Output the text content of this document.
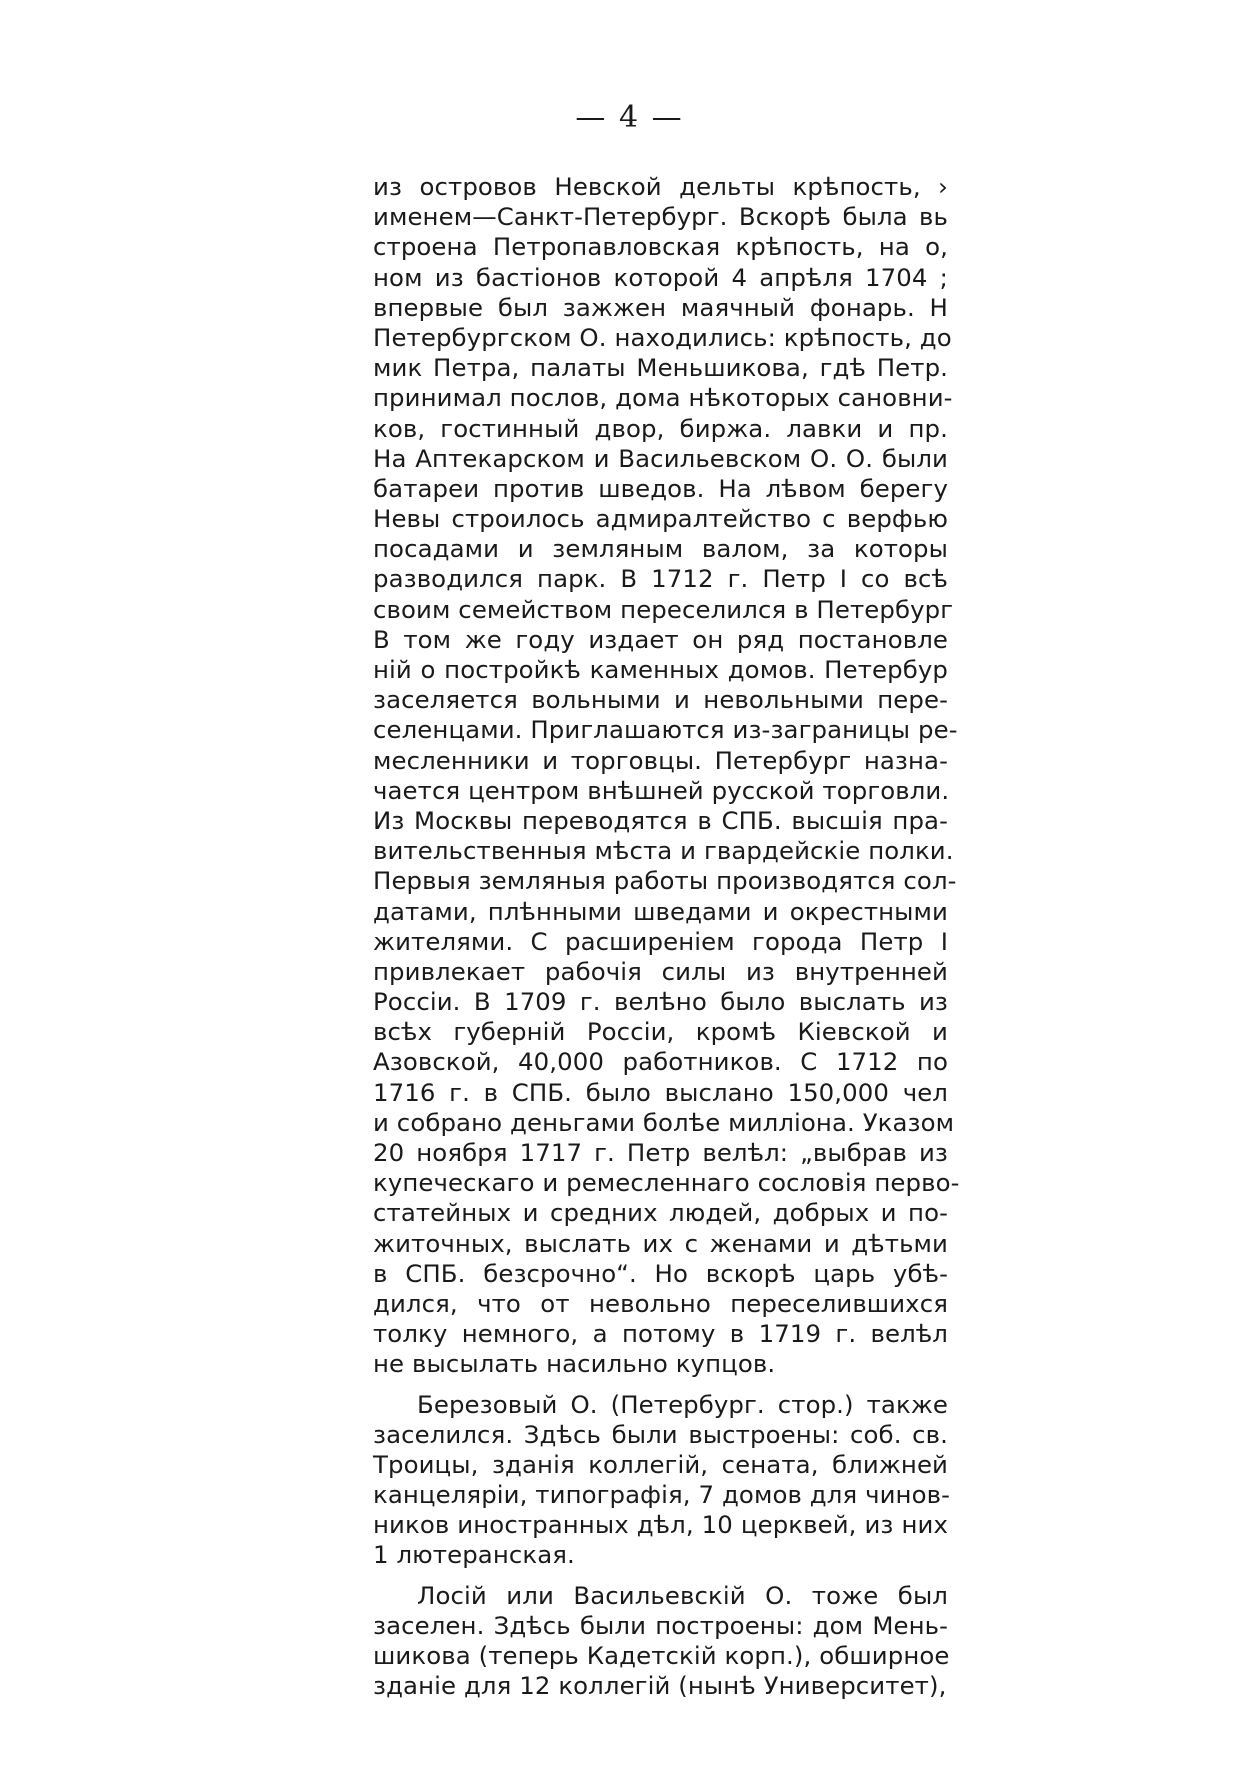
— 4 —
из островов Невской дельты крѣпость, ›
именем—Санкт-Петербург. Вскорѣ была вь
строена Петропавловская крѣпость, на о,
ном из бастiонов которой 4 апрѣля 1704 ;
впервые был зажжен маячный фонарь. Н
Петербургском О. находились: крѣпость, до
мик Петра, палаты Меньшикова, гдѣ Петр.
принимал послов, дома нѣкоторых сановни-
ков, гостинный двор, биржа. лавки и пр.
На Аптекарском и Васильевском О. О. были
батареи против шведов. На лѣвом берегу
Невы строилось адмиралтейство с верфью
посадами и земляным валом, за которы
разводился парк. В 1712 г. Петр I со всѣ
своим семейством переселился в Петербург
В том же году издает он ряд постановле
нiй о постройкѣ каменных домов. Петербур
заселяется вольными и невольными пере-
селенцами. Приглашаются из-заграницы ре-
месленники и торговцы. Петербург назна-
чается центром внѣшней русской торговли.
Из Москвы переводятся в СПБ. высшiя пра-
вительственныя мѣста и гвардейскiе полки.
Первыя земляныя работы производятся сол-
датами, плѣнными шведами и окрестными
жителями. С расширенiем города Петр I
привлекает рабочiя силы из внутренней
Россiи. В 1709 г. велѣно было выслать из
всѣх губернiй Россiи, кромѣ Кiевской и
Азовской, 40,000 работников. С 1712 по
1716 г. в СПБ. было выслано 150,000 чел
и собрано деньгами болѣе миллiона. Указом
20 ноября 1717 г. Петр велѣл: „выбрав из
купеческаго и ремесленнаго сословiя перво-
статейных и средних людей, добрых и по-
житочных, выслать их с женами и дѣтьми
в СПБ. безсрочно“. Но вскорѣ царь убѣ-
дился, что от невольно переселившихся
толку немного, а потому в 1719 г. велѣл
не высылать насильно купцов.
Березовый О. (Петербург. стор.) также
заселился. Здѣсь были выстроены: соб. св.
Троицы, зданiя коллегiй, сената, ближней
канцелярiи, типографiя, 7 домов для чинов-
ников иностранных дѣл, 10 церквей, из них
1 лютеранская.
Лосiй или Васильевскiй О. тоже был
заселен. Здѣсь были построены: дом Мень-
шикова (теперь Кадетскiй корп.), обширное
зданiе для 12 коллегiй (нынѣ Университет),
